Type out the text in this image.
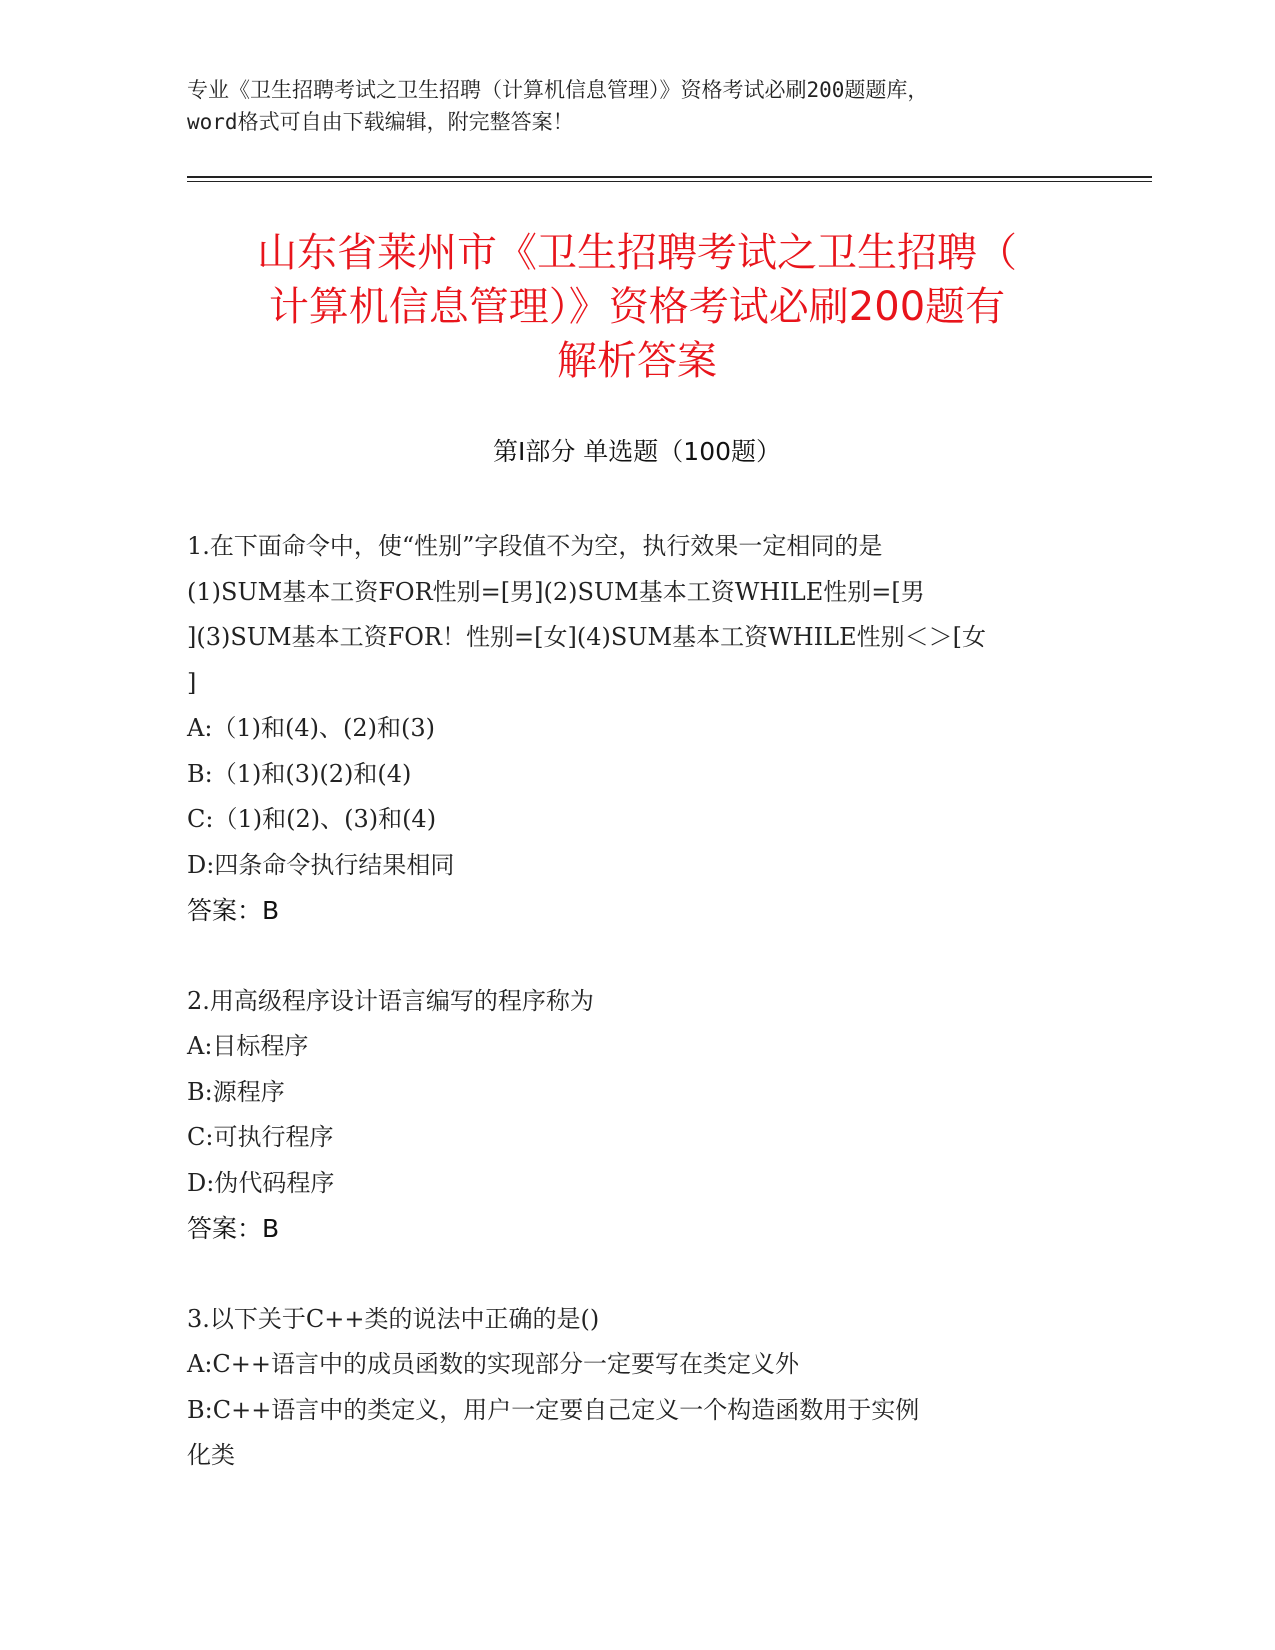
专业《卫生招聘考试之卫生招聘（计算机信息管理）》资格考试必刷200题题库，
word格式可自由下载编辑，附完整答案！
山东省莱州市《卫生招聘考试之卫生招聘（
计算机信息管理）》资格考试必刷200题有
解析答案
第Ⅰ部分 单选题（100题）
1.在下面命令中，使“性别”字段值不为空，执行效果一定相同的是
(1)SUM基本工资FOR性别=[男](2)SUM基本工资WHILE性别=[男
](3)SUM基本工资FOR！性别=[女](4)SUM基本工资WHILE性别＜＞[女
]
A:（1)和(4)、(2)和(3)
B:（1)和(3)(2)和(4)
C:（1)和(2)、(3)和(4)
D:四条命令执行结果相同
答案：B
2.用高级程序设计语言编写的程序称为
A:目标程序
B:源程序
C:可执行程序
D:伪代码程序
答案：B
3.以下关于C++类的说法中正确的是()
A:C++语言中的成员函数的实现部分一定要写在类定义外
B:C++语言中的类定义，用户一定要自己定义一个构造函数用于实例
化类
